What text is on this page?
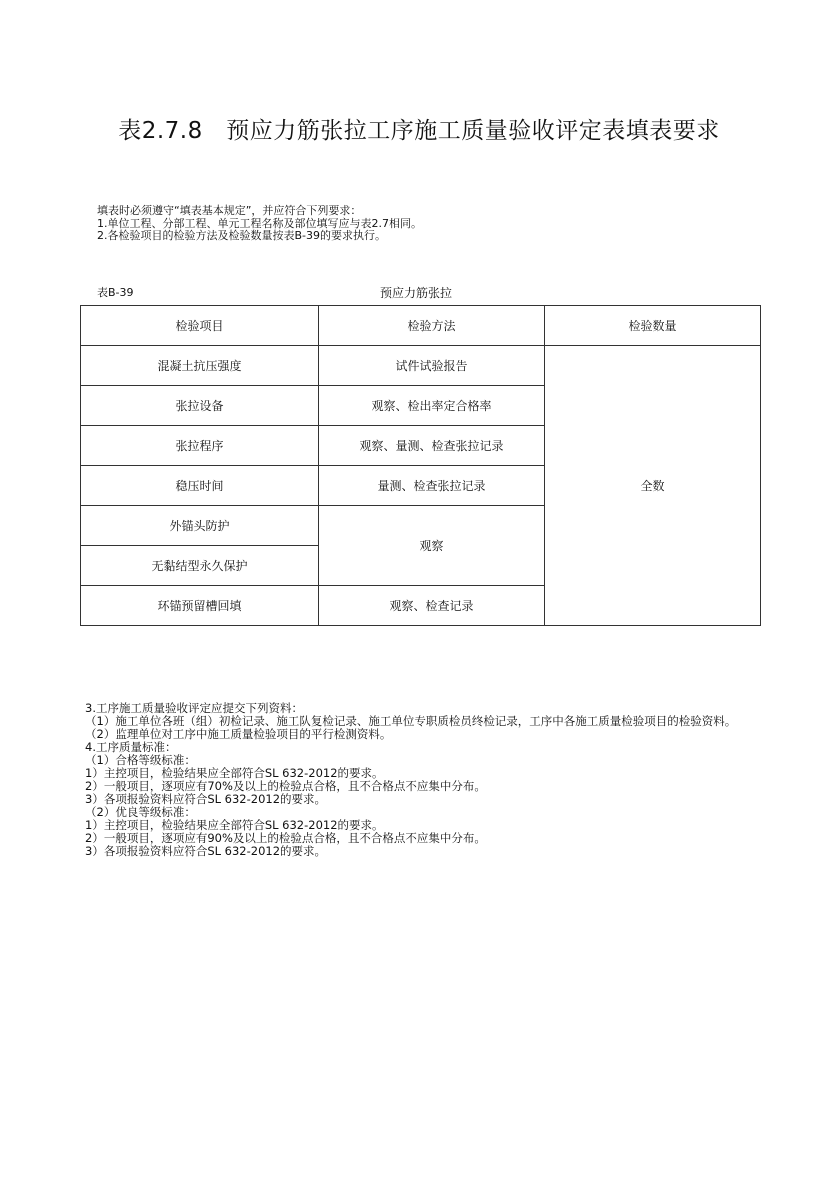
表2.7.8　预应力筋张拉工序施工质量验收评定表填表要求
填表时必须遵守“填表基本规定”，并应符合下列要求：
1.单位工程、分部工程、单元工程名称及部位填写应与表2.7相同。
2.各检验项目的检验方法及检验数量按表B-39的要求执行。
表B-39	预应力筋张拉
检验项目	检验方法	检验数量
混凝土抗压强度	试件试验报告	全数
张拉设备	观察、检出率定合格率	
张拉程序	观察、量测、检查张拉记录	
稳压时间	量测、检查张拉记录	
外锚头防护	观察	
无黏结型永久保护		
环锚预留槽回填	观察、检查记录	
3.工序施工质量验收评定应提交下列资料：
（1）施工单位各班（组）初检记录、施工队复检记录、施工单位专职质检员终检记录，工序中各施工质量检验项目的检验资料。
（2）监理单位对工序中施工质量检验项目的平行检测资料。
4.工序质量标准：
（1）合格等级标准：
1）主控项目，检验结果应全部符合SL 632-2012的要求。
2）一般项目，逐项应有70%及以上的检验点合格，且不合格点不应集中分布。
3）各项报验资料应符合SL 632-2012的要求。
（2）优良等级标准：
1）主控项目，检验结果应全部符合SL 632-2012的要求。
2）一般项目，逐项应有90%及以上的检验点合格，且不合格点不应集中分布。
3）各项报验资料应符合SL 632-2012的要求。
